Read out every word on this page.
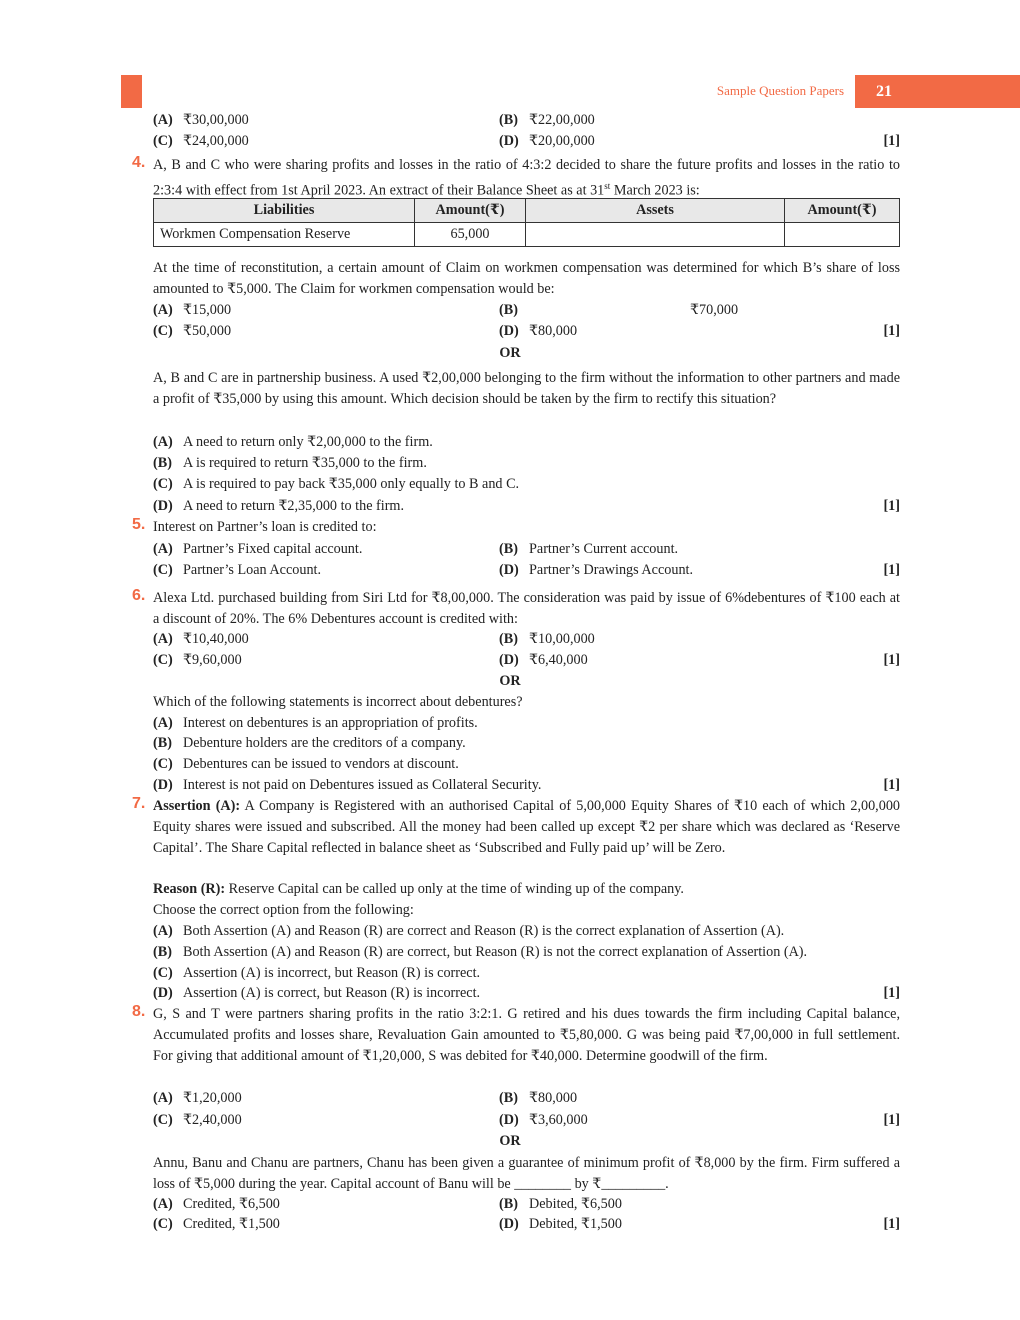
Sample Question Papers 21
(A) ₹30,00,000	(B) ₹22,00,000
(C) ₹24,00,000	(D) ₹20,00,000	[1]
4. A, B and C who were sharing profits and losses in the ratio of 4:3:2 decided to share the future profits and losses in the ratio to 2:3:4 with effect from 1st April 2023. An extract of their Balance Sheet as at 31st March 2023 is:
Liabilities	Amount(₹)	Assets	Amount(₹)
Workmen Compensation Reserve	65,000		
At the time of reconstitution, a certain amount of Claim on workmen compensation was determined for which B’s share of loss amounted to ₹5,000. The Claim for workmen compensation would be:
(A) ₹15,000	(B)	₹70,000
(C) ₹50,000	(D) ₹80,000	[1]
OR
A, B and C are in partnership business. A used ₹2,00,000 belonging to the firm without the information to other partners and made a profit of ₹35,000 by using this amount. Which decision should be taken by the firm to rectify this situation?
(A) A need to return only ₹2,00,000 to the firm.
(B) A is required to return ₹35,000 to the firm.
(C) A is required to pay back ₹35,000 only equally to B and C.
(D) A need to return ₹2,35,000 to the firm.	[1]
5. Interest on Partner’s loan is credited to:
(A) Partner’s Fixed capital account.	(B) Partner’s Current account.
(C) Partner’s Loan Account.	(D) Partner’s Drawings Account.	[1]
6. Alexa Ltd. purchased building from Siri Ltd for ₹8,00,000. The consideration was paid by issue of 6%debentures of ₹100 each at a discount of 20%. The 6% Debentures account is credited with:
(A) ₹10,40,000	(B) ₹10,00,000
(C) ₹9,60,000	(D) ₹6,40,000	[1]
OR
Which of the following statements is incorrect about debentures?
(A) Interest on debentures is an appropriation of profits.
(B) Debenture holders are the creditors of a company.
(C) Debentures can be issued to vendors at discount.
(D) Interest is not paid on Debentures issued as Collateral Security.	[1]
7. Assertion (A): A Company is Registered with an authorised Capital of 5,00,000 Equity Shares of ₹10 each of which 2,00,000 Equity shares were issued and subscribed. All the money had been called up except ₹2 per share which was declared as ‘Reserve Capital’. The Share Capital reflected in balance sheet as ‘Subscribed and Fully paid up’ will be Zero.
Reason (R): Reserve Capital can be called up only at the time of winding up of the company.
Choose the correct option from the following:
(A) Both Assertion (A) and Reason (R) are correct and Reason (R) is the correct explanation of Assertion (A).
(B) Both Assertion (A) and Reason (R) are correct, but Reason (R) is not the correct explanation of Assertion (A).
(C) Assertion (A) is incorrect, but Reason (R) is correct.
(D) Assertion (A) is correct, but Reason (R) is incorrect.	[1]
8. G, S and T were partners sharing profits in the ratio 3:2:1. G retired and his dues towards the firm including Capital balance, Accumulated profits and losses share, Revaluation Gain amounted to ₹5,80,000. G was being paid ₹7,00,000 in full settlement. For giving that additional amount of ₹1,20,000, S was debited for ₹40,000. Determine goodwill of the firm.
(A) ₹1,20,000	(B) ₹80,000
(C) ₹2,40,000	(D) ₹3,60,000	[1]
OR
Annu, Banu and Chanu are partners, Chanu has been given a guarantee of minimum profit of ₹8,000 by the firm. Firm suffered a loss of ₹5,000 during the year. Capital account of Banu will be ________ by ₹_________.
(A) Credited, ₹6,500	(B) Debited, ₹6,500
(C) Credited, ₹1,500	(D) Debited, ₹1,500	[1]
